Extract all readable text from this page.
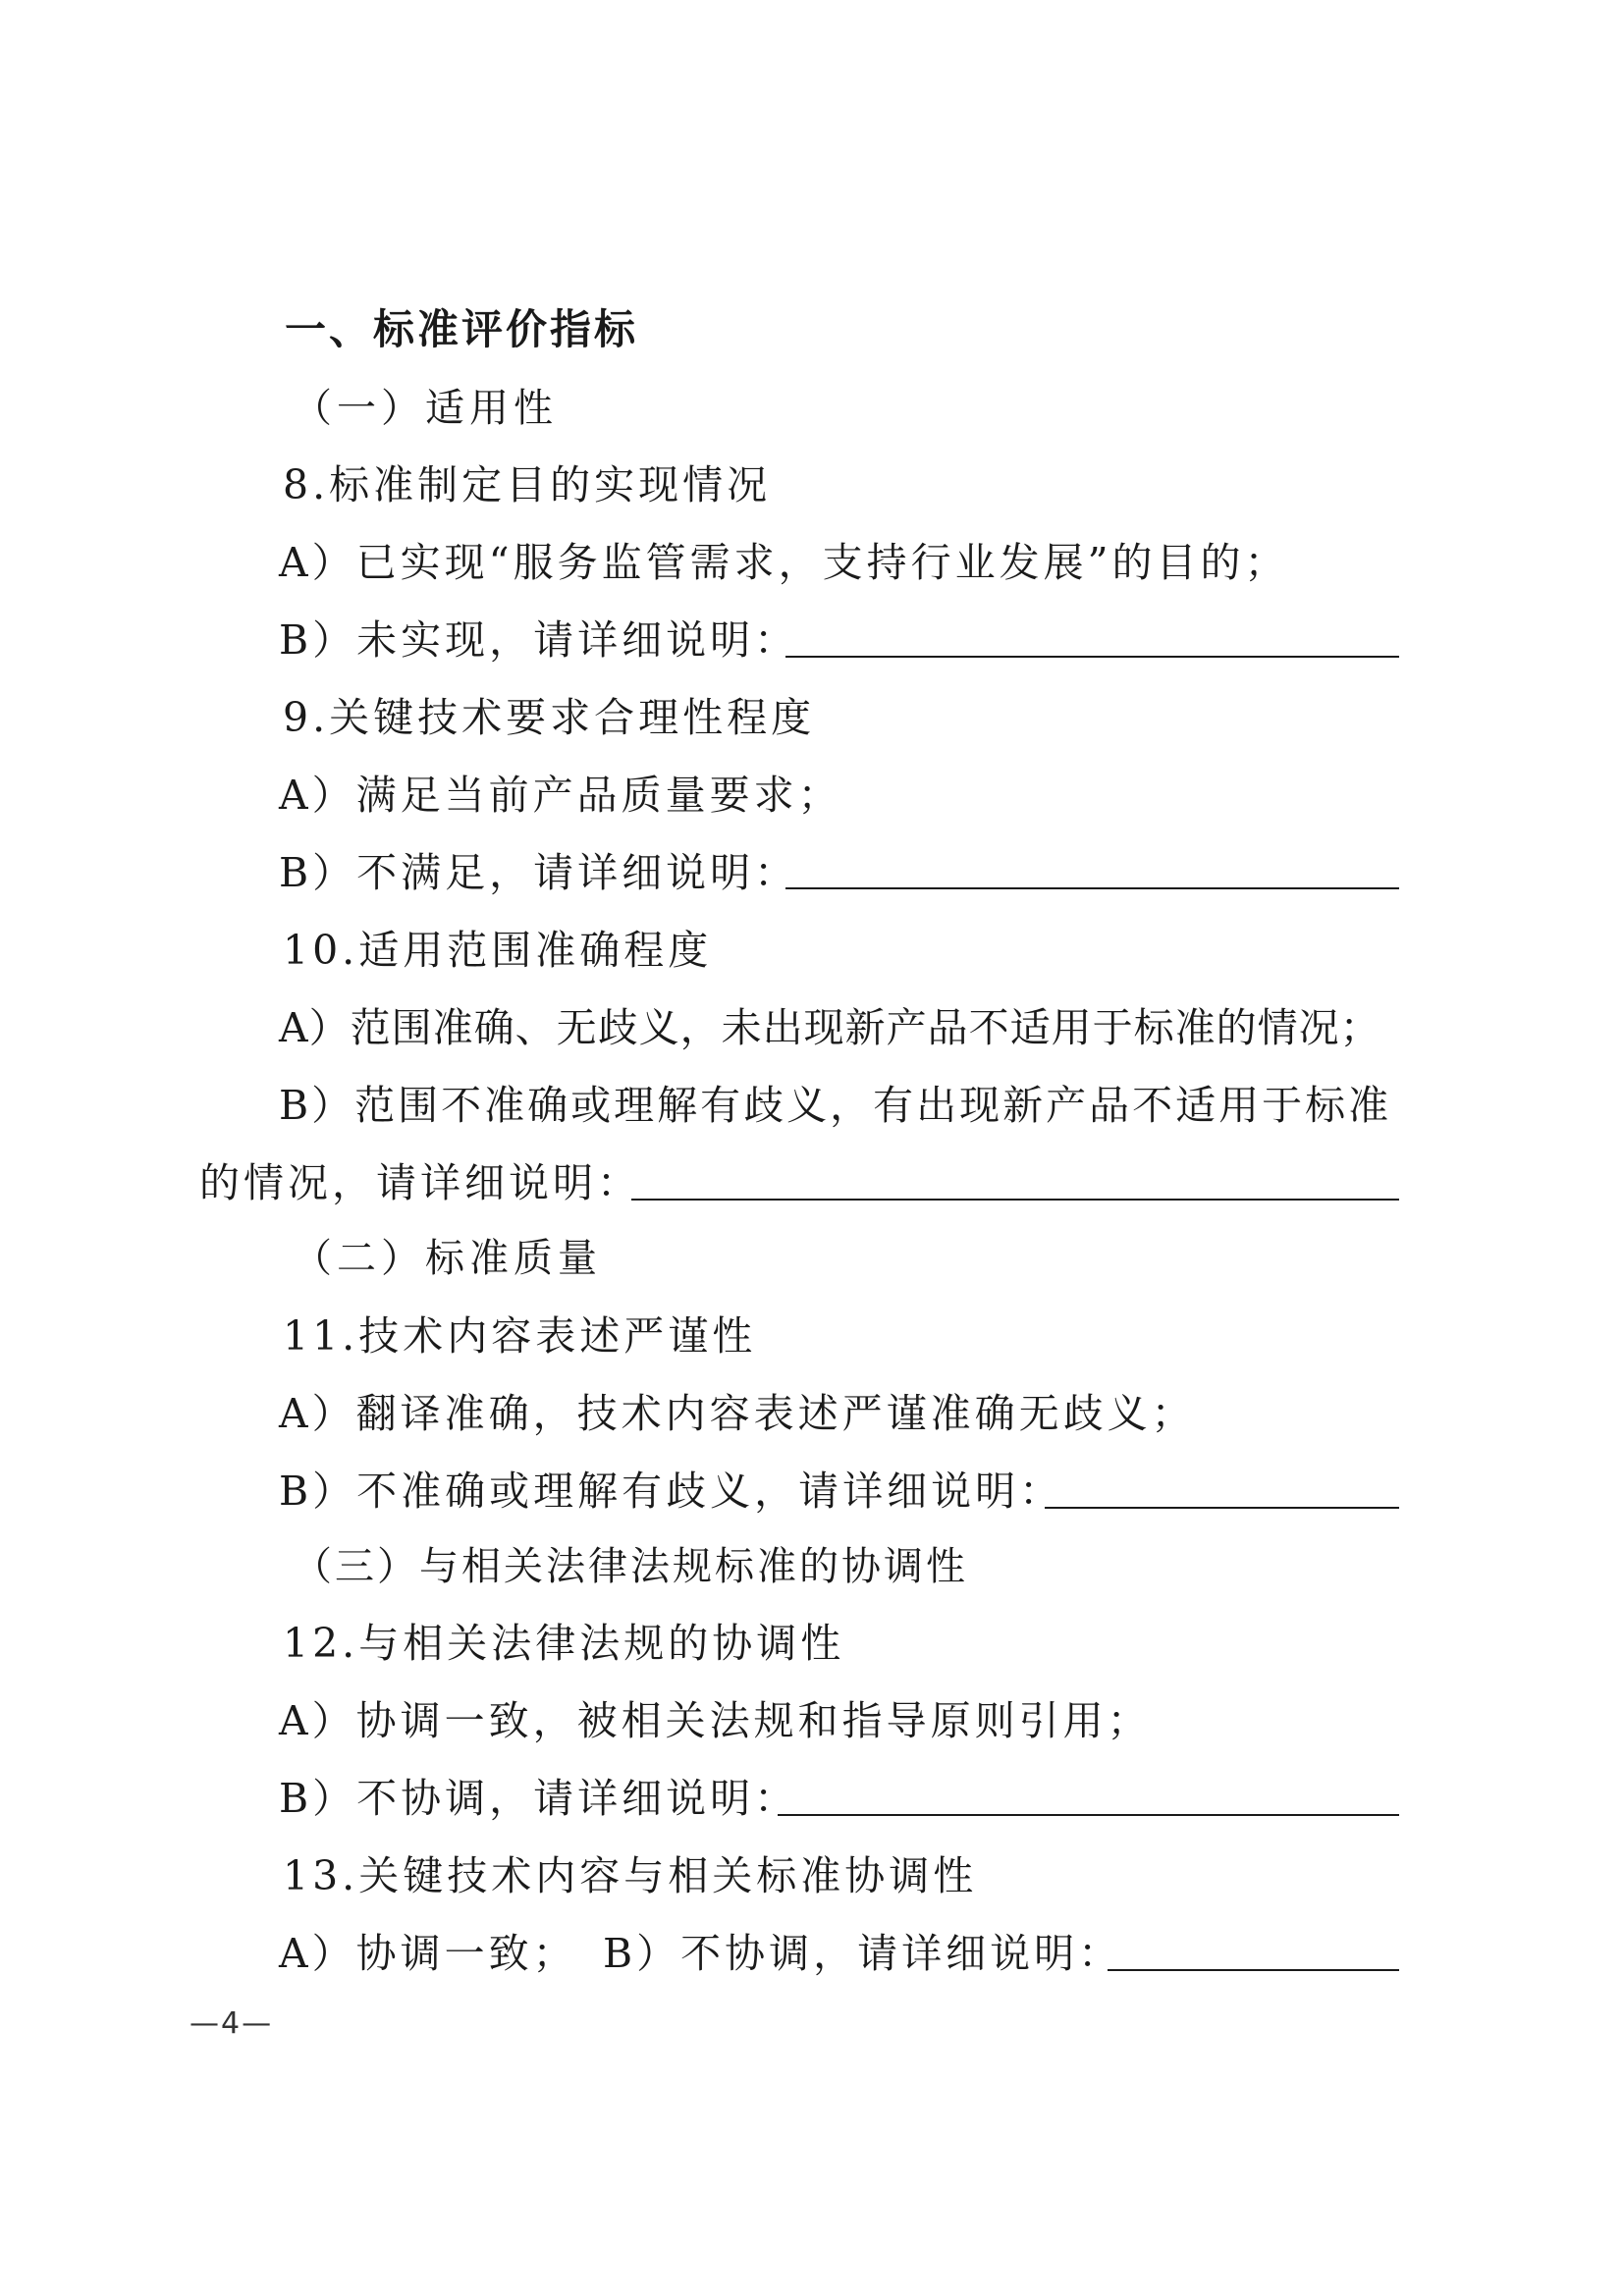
一、标准评价指标
（一）适用性
8.标准制定目的实现情况
A）已实现“服务监管需求，支持行业发展”的目的；
B）未实现，请详细说明：
9.关键技术要求合理性程度
A）满足当前产品质量要求；
B）不满足，请详细说明：
10.适用范围准确程度
A）范围准确、无歧义，未出现新产品不适用于标准的情况；
B）范围不准确或理解有歧义，有出现新产品不适用于标准
的情况，请详细说明：
（二）标准质量
11.技术内容表述严谨性
A）翻译准确，技术内容表述严谨准确无歧义；
B）不准确或理解有歧义，请详细说明：
（三）与相关法律法规标准的协调性
12.与相关法律法规的协调性
A）协调一致，被相关法规和指导原则引用；
B）不协调，请详细说明：
13.关键技术内容与相关标准协调性
A）协调一致； B）不协调，请详细说明：
—4—
